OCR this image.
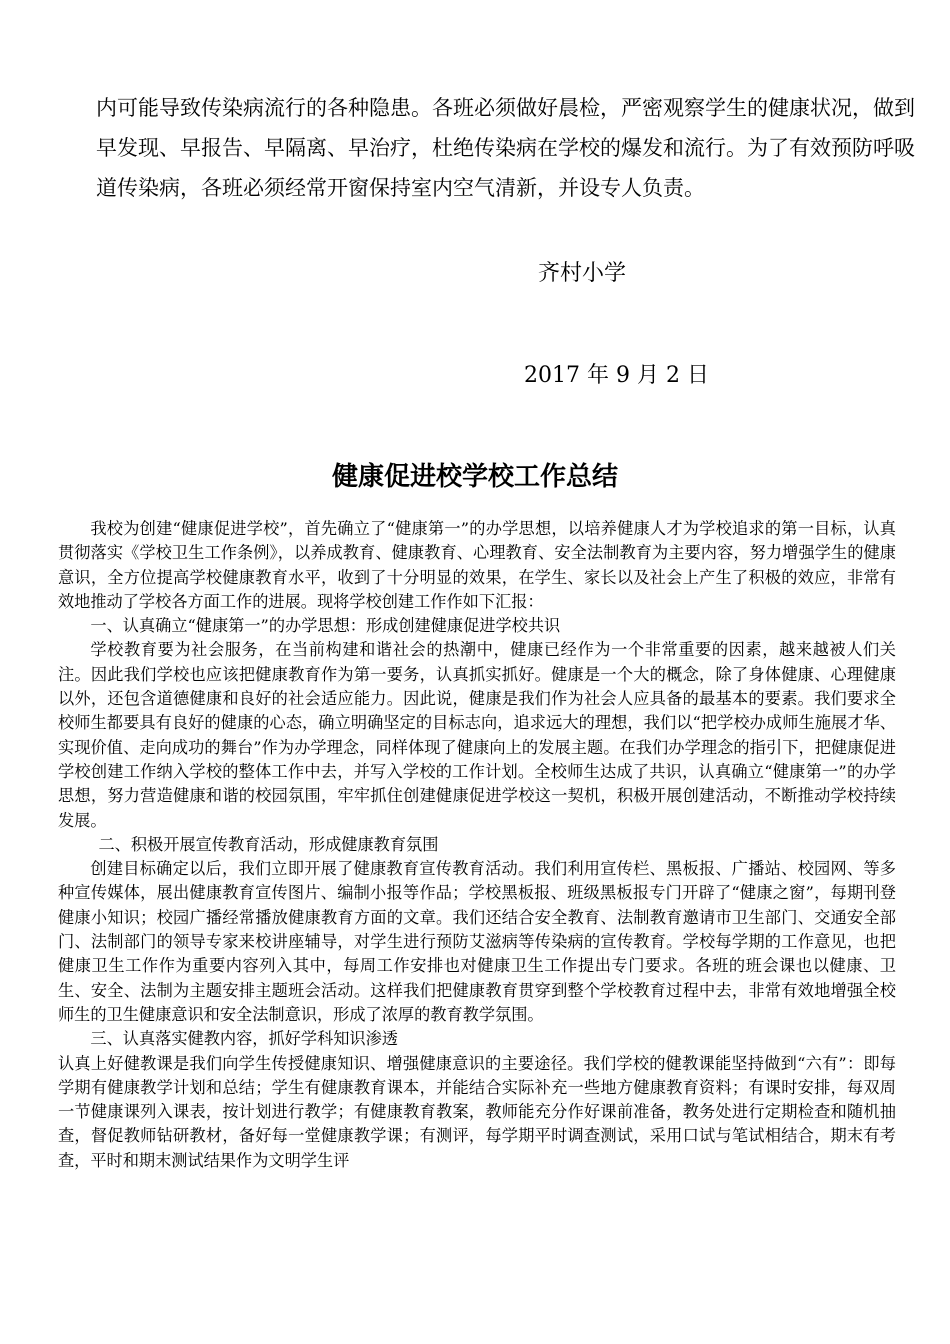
内可能导致传染病流行的各种隐患。各班必须做好晨检，严密观察学生的健康状况，做到早发现、早报告、早隔离、早治疗，杜绝传染病在学校的爆发和流行。为了有效预防呼吸道传染病，各班必须经常开窗保持室内空气清新，并设专人负责。

齐村小学

2017 年 9 月 2 日

健康促进校学校工作总结

我校为创建“健康促进学校”，首先确立了“健康第一”的办学思想，以培养健康人才为学校追求的第一目标，认真贯彻落实《学校卫生工作条例》，以养成教育、健康教育、心理教育、安全法制教育为主要内容，努力增强学生的健康意识，全方位提高学校健康教育水平，收到了十分明显的效果，在学生、家长以及社会上产生了积极的效应，非常有效地推动了学校各方面工作的进展。现将学校创建工作作如下汇报：

一、认真确立“健康第一”的办学思想：形成创建健康促进学校共识

学校教育要为社会服务，在当前构建和谐社会的热潮中，健康已经作为一个非常重要的因素，越来越被人们关注。因此我们学校也应该把健康教育作为第一要务，认真抓实抓好。健康是一个大的概念，除了身体健康、心理健康以外，还包含道德健康和良好的社会适应能力。因此说，健康是我们作为社会人应具备的最基本的要素。我们要求全校师生都要具有良好的健康的心态，确立明确坚定的目标志向，追求远大的理想，我们以“把学校办成师生施展才华、实现价值、走向成功的舞台”作为办学理念，同样体现了健康向上的发展主题。在我们办学理念的指引下，把健康促进学校创建工作纳入学校的整体工作中去，并写入学校的工作计划。全校师生达成了共识，认真确立“健康第一”的办学思想，努力营造健康和谐的校园氛围，牢牢抓住创建健康促进学校这一契机，积极开展创建活动，不断推动学校持续发展。

二、积极开展宣传教育活动，形成健康教育氛围

创建目标确定以后，我们立即开展了健康教育宣传教育活动。我们利用宣传栏、黑板报、广播站、校园网、等多种宣传媒体，展出健康教育宣传图片、编制小报等作品；学校黑板报、班级黑板报专门开辟了“健康之窗”，每期刊登健康小知识；校园广播经常播放健康教育方面的文章。我们还结合安全教育、法制教育邀请市卫生部门、交通安全部门、法制部门的领导专家来校讲座辅导，对学生进行预防艾滋病等传染病的宣传教育。学校每学期的工作意见，也把健康卫生工作作为重要内容列入其中，每周工作安排也对健康卫生工作提出专门要求。各班的班会课也以健康、卫生、安全、法制为主题安排主题班会活动。这样我们把健康教育贯穿到整个学校教育过程中去，非常有效地增强全校师生的卫生健康意识和安全法制意识，形成了浓厚的教育教学氛围。

三、认真落实健教内容，抓好学科知识渗透

认真上好健教课是我们向学生传授健康知识、增强健康意识的主要途径。我们学校的健教课能坚持做到“六有”：即每学期有健康教学计划和总结；学生有健康教育课本，并能结合实际补充一些地方健康教育资料；有课时安排，每双周一节健康课列入课表，按计划进行教学；有健康教育教案，教师能充分作好课前准备，教务处进行定期检查和随机抽查，督促教师钻研教材，备好每一堂健康教学课；有测评，每学期平时调查测试，采用口试与笔试相结合，期末有考查，平时和期末测试结果作为文明学生评
